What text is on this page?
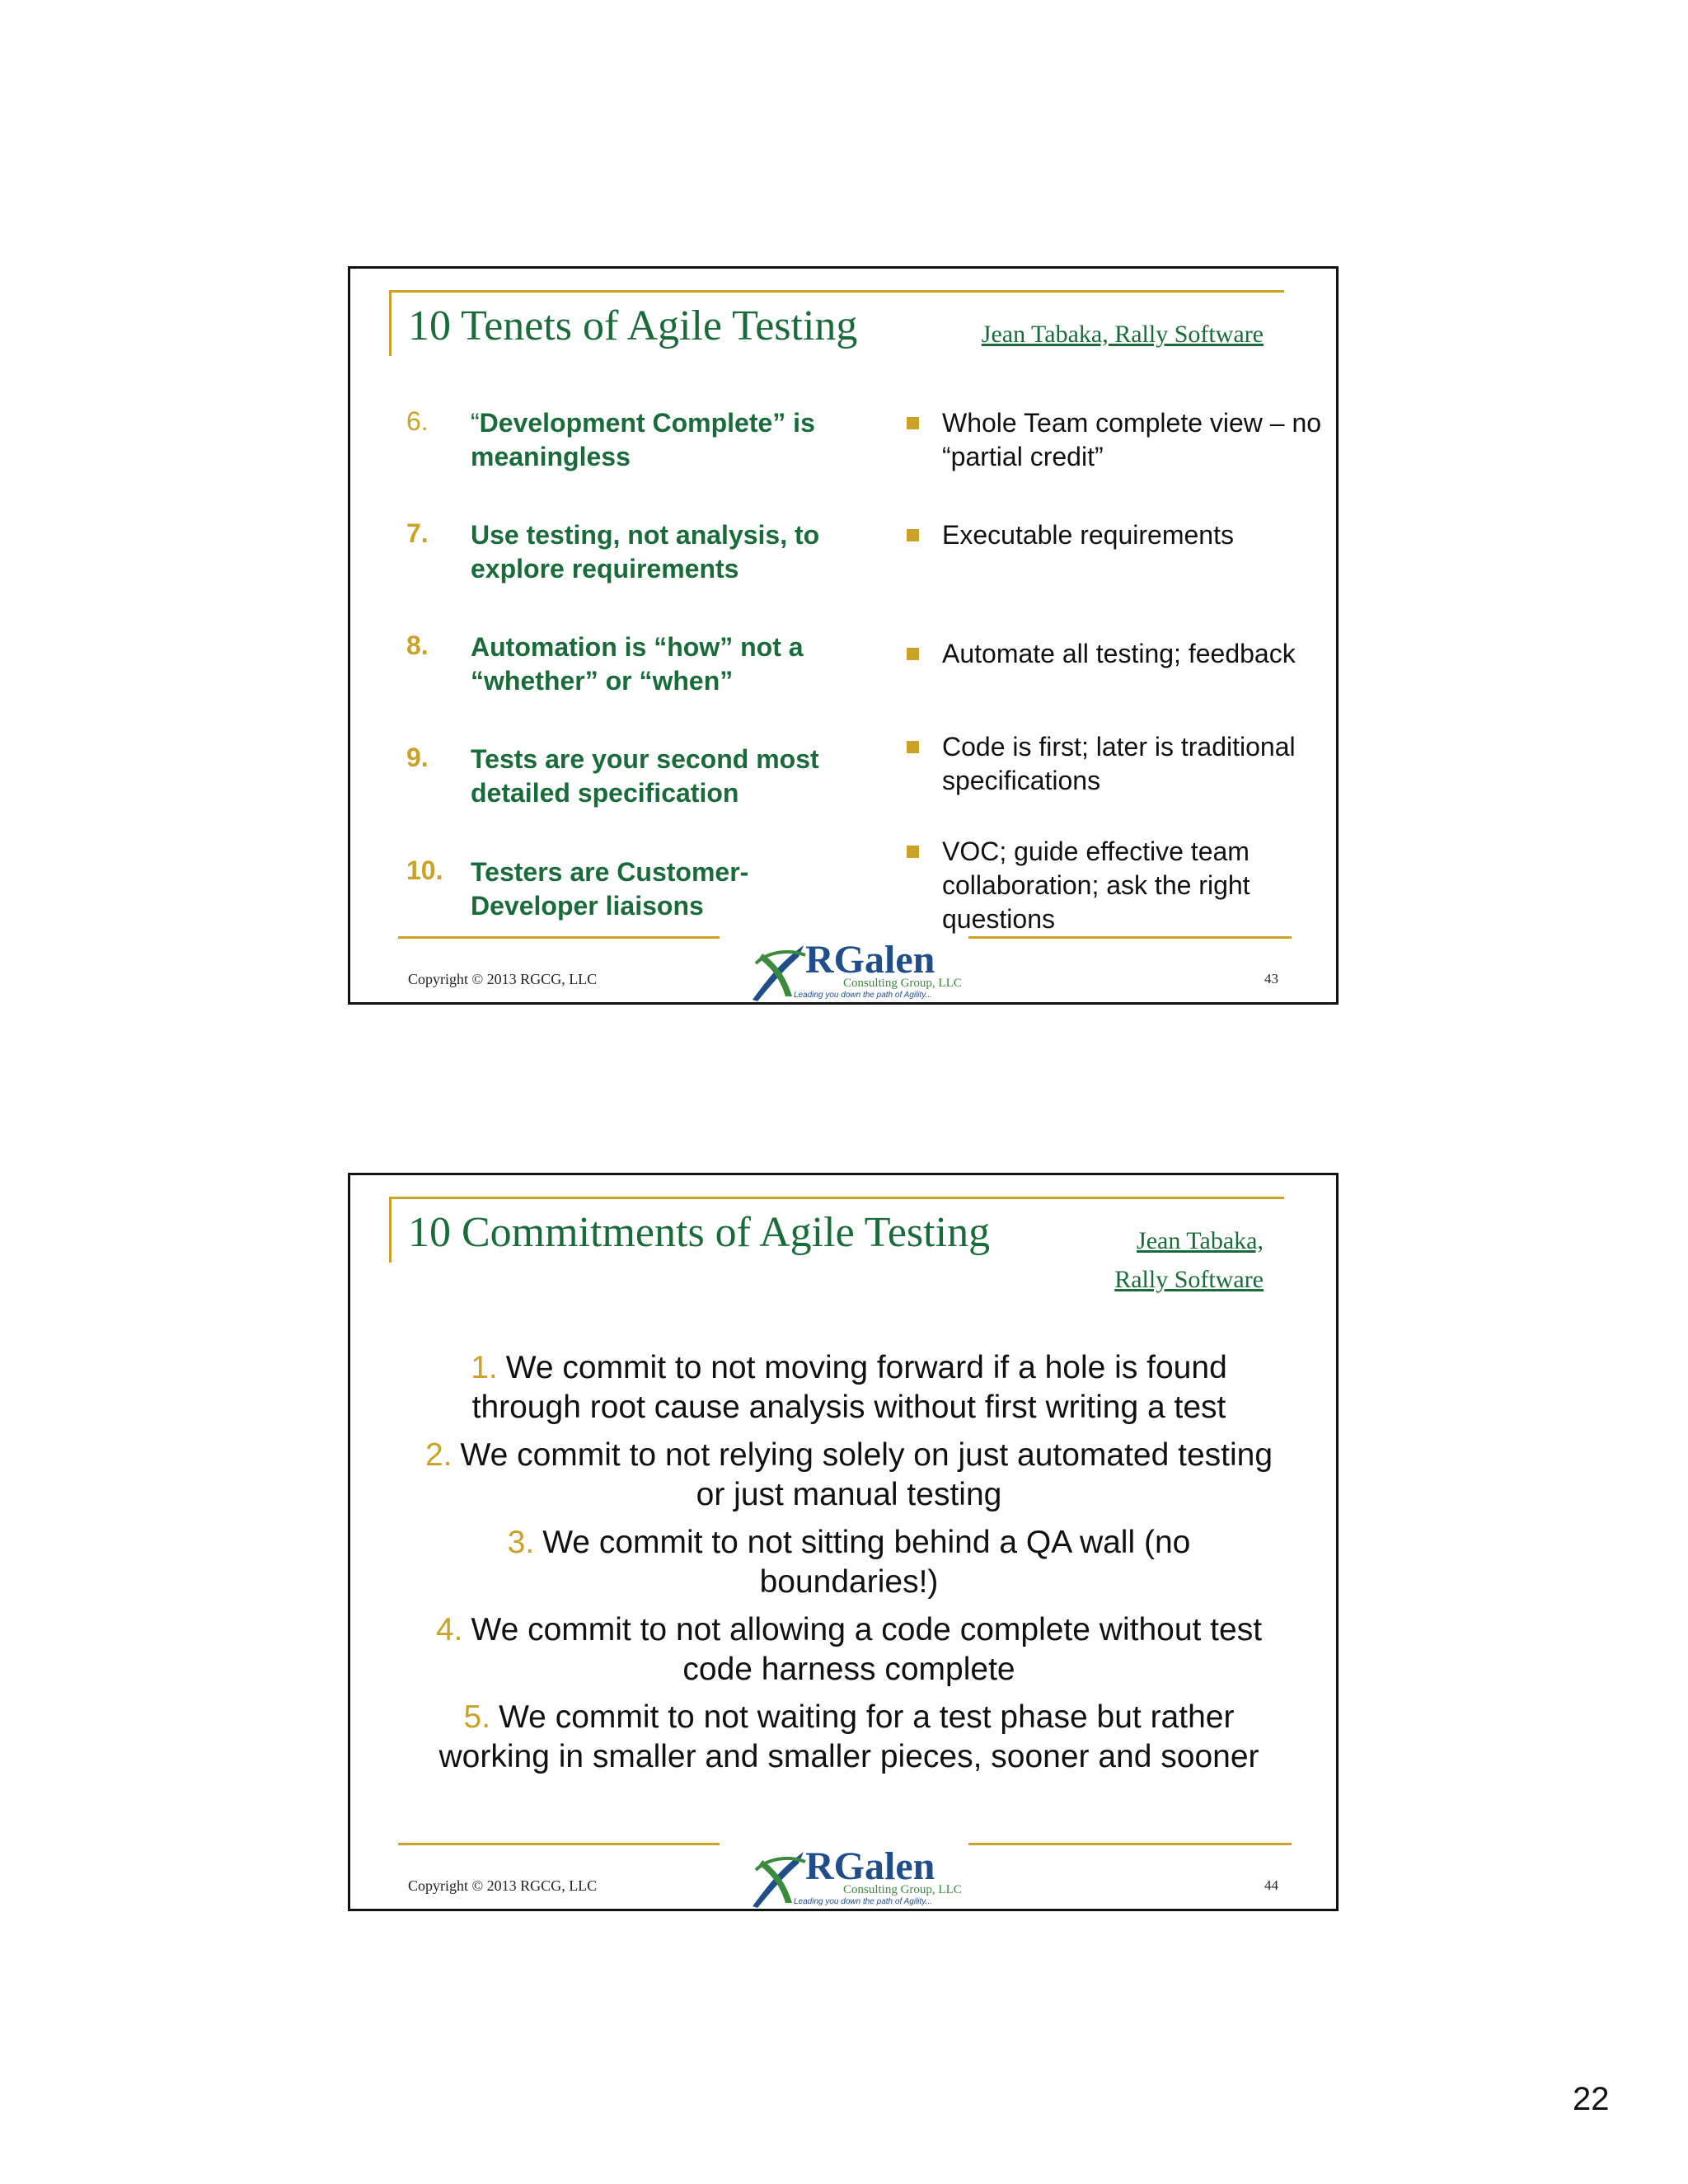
10 Tenets of Agile Testing	Jean Tabaka, Rally Software
6. “Development Complete” is meaningless
Whole Team complete view – no “partial credit”
7. Use testing, not analysis, to explore requirements
Executable requirements
8. Automation is “how” not a “whether” or “when”
Automate all testing; feedback
9. Tests are your second most detailed specification
Code is first; later is traditional specifications
10. Testers are Customer-Developer liaisons
VOC; guide effective team collaboration; ask the right questions
Copyright © 2013 RGCG, LLC	RGalen
Consulting Group, LLC
Leading you down the path of Agility...
43
10 Commitments of Agile Testing	Jean Tabaka,
Rally Software
1. We commit to not moving forward if a hole is found through root cause analysis without first writing a test
2. We commit to not relying solely on just automated testing or just manual testing
3. We commit to not sitting behind a QA wall (no boundaries!)
4. We commit to not allowing a code complete without test code harness complete
5. We commit to not waiting for a test phase but rather working in smaller and smaller pieces, sooner and sooner
Copyright © 2013 RGCG, LLC	RGalen
Consulting Group, LLC
Leading you down the path of Agility...
44
22
